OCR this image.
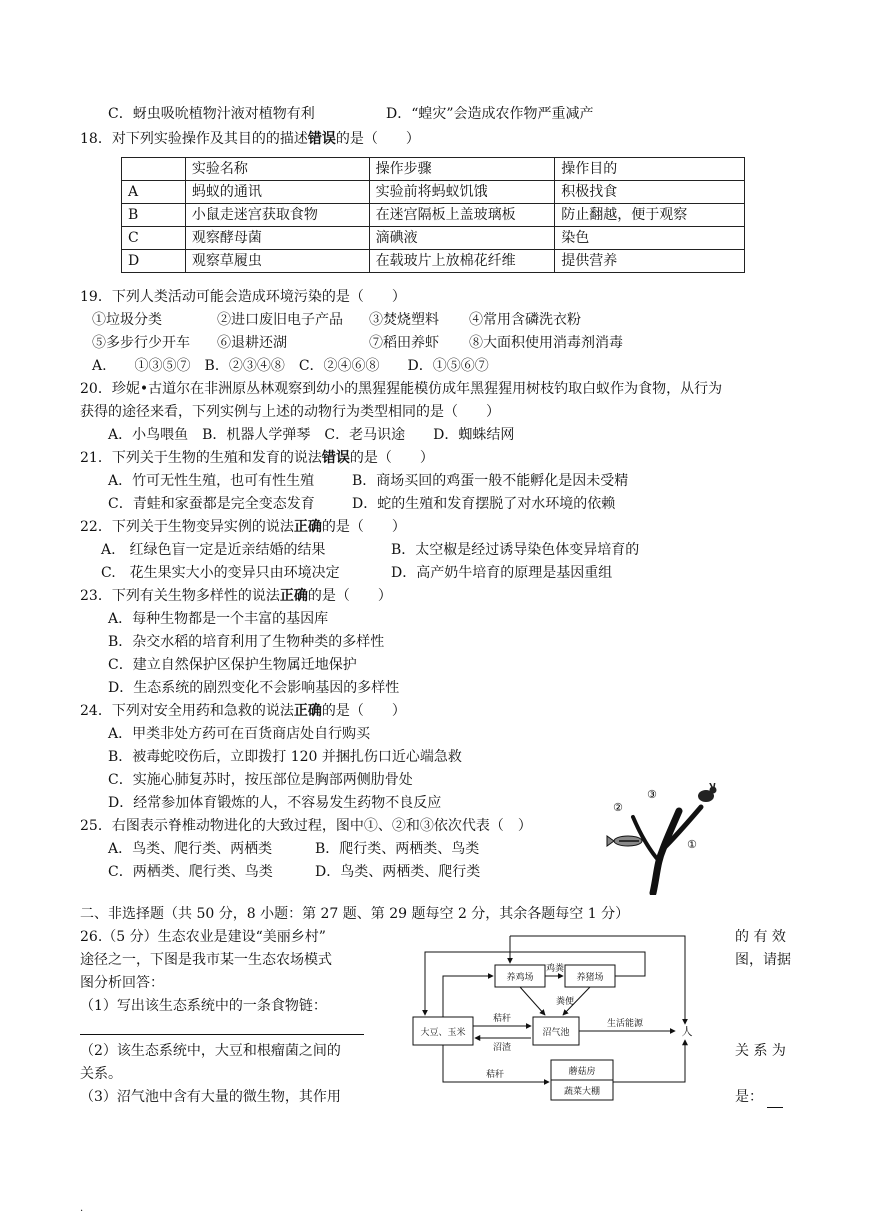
C．蚜虫吸吮植物汁液对植物有利	D．“蝗灾”会造成农作物严重减产
18．对下列实验操作及其目的的描述错误的是（　　）
	实验名称	操作步骤	操作目的
A	蚂蚁的通讯	实验前将蚂蚁饥饿	积极找食
B	小鼠走迷宫获取食物	在迷宫隔板上盖玻璃板	防止翻越，便于观察
C	观察酵母菌	滴碘液	染色
D	观察草履虫	在载玻片上放棉花纤维	提供营养
19．下列人类活动可能会造成环境污染的是（　　）
①垃圾分类	②进口废旧电子产品 ③焚烧塑料 ④常用含磷洗衣粉
⑤多步行少开车 ⑥退耕还湖	⑦稻田养虾 ⑧大面积使用消毒剂消毒
A.　　①③⑤⑦　B．②③④⑧　C．②④⑥⑧　　D．①⑤⑥⑦
20．珍妮•古道尔在非洲原丛林观察到幼小的黑猩猩能模仿成年黑猩猩用树枝钓取白蚁作为食物，从行为
获得的途径来看，下列实例与上述的动物行为类型相同的是（　　）
A．小鸟喂鱼　B．机器人学弹琴　C．老马识途　　D．蜘蛛结网
21．下列关于生物的生殖和发育的说法错误的是（　　）
A．竹可无性生殖，也可有性生殖	B．商场买回的鸡蛋一般不能孵化是因未受精
C．青蛙和家蚕都是完全变态发育	D．蛇的生殖和发育摆脱了对水环境的依赖
22．下列关于生物变异实例的说法正确的是（　　）
A.　红绿色盲一定是近亲结婚的结果	B．太空椒是经过诱导染色体变异培育的
C.　花生果实大小的变异只由环境决定	D．高产奶牛培育的原理是基因重组
23．下列有关生物多样性的说法正确的是（　　）
A．每种生物都是一个丰富的基因库
B．杂交水稻的培育利用了生物种类的多样性
C．建立自然保护区保护生物属迁地保护
D．生态系统的剧烈变化不会影响基因的多样性
24．下列对安全用药和急救的说法正确的是（　　）
A．甲类非处方药可在百货商店处自行购买
B．被毒蛇咬伤后，立即拨打 120 并捆扎伤口近心端急救
C．实施心肺复苏时，按压部位是胸部两侧肋骨处
D．经常参加体育锻炼的人，不容易发生药物不良反应
25．右图表示脊椎动物进化的大致过程，图中①、②和③依次代表（　）
A．鸟类、爬行类、两栖类	B．爬行类、两栖类、鸟类
C．两栖类、爬行类、鸟类	D．鸟类、两栖类、爬行类
①
②
③
二、非选择题（共 50 分，8 小题：第 27 题、第 29 题每空 2 分，其余各题每空 1 分）
26.（5 分）生态农业是建设“美丽乡村”	的 有 效
途径之一，下图是我市某一生态农场模式	图，请据
图分析回答：
（1）写出该生态系统中的一条食物链：
（2）该生态系统中，大豆和根瘤菌之间的	关 系 为
关系。
（3）沼气池中含有大量的微生物，其作用	是：
养鸡场	养猪场
大豆、玉米	沼气池
蘑菇房
蔬菜大棚
人
鸡粪
粪便
秸秆
沼渣
生活能源
秸秆
.
